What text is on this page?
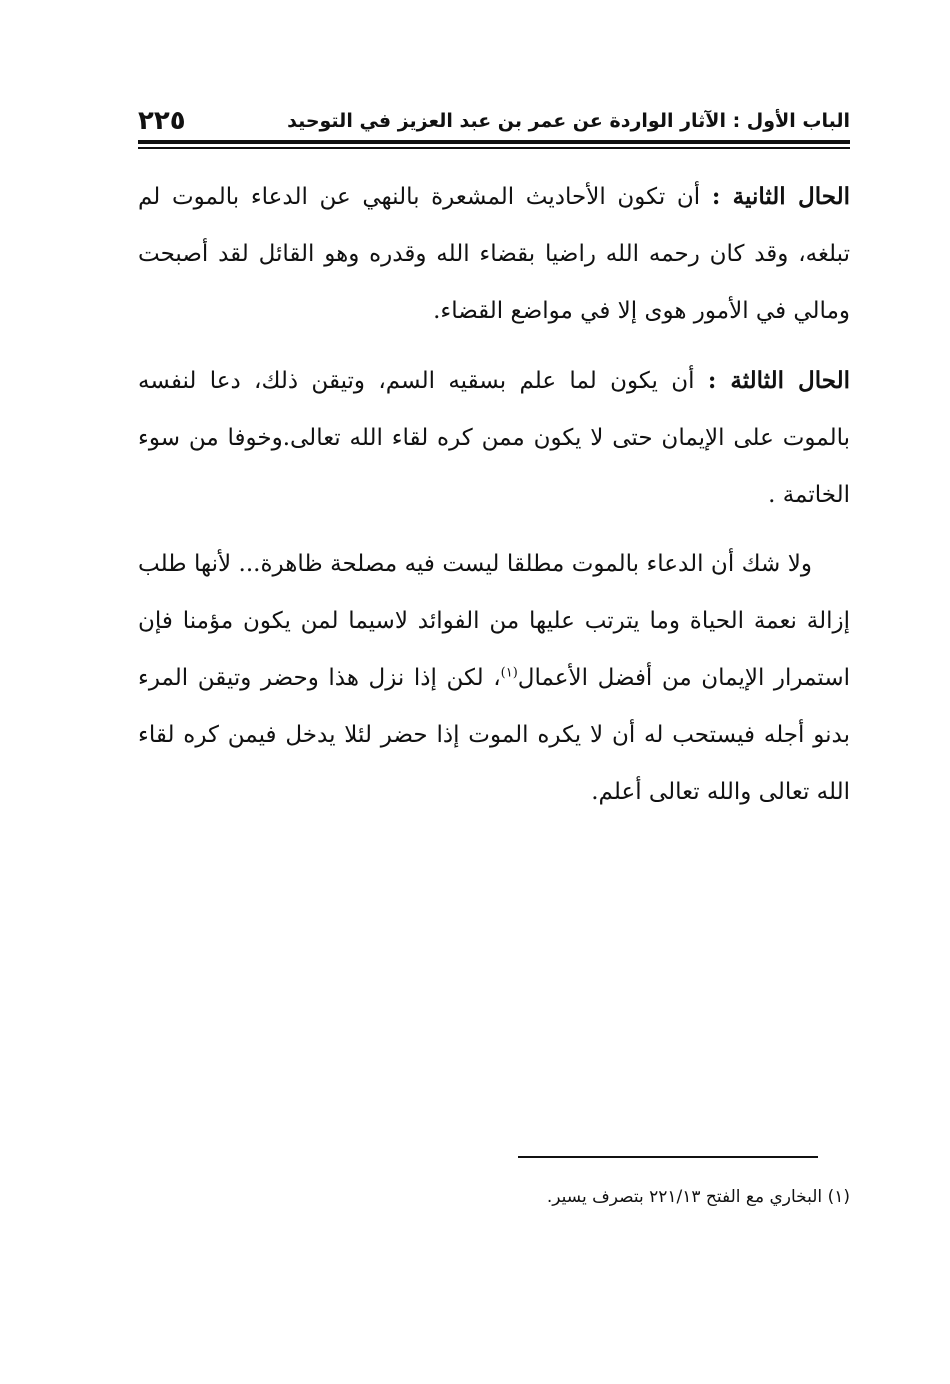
الباب الأول : الآثار الواردة عن عمر بن عبد العزيز في التوحيد
٢٢٥

الحال الثانية : أن تكون الأحاديث المشعرة بالنهي عن الدعاء بالموت لم تبلغه، وقد كان رحمه الله راضيا بقضاء الله وقدره وهو القائل لقد أصبحت ومالي في الأمور هوى إلا في مواضع القضاء.

الحال الثالثة : أن يكون لما علم بسقيه السم، وتيقن ذلك، دعا لنفسه بالموت على الإيمان حتى لا يكون ممن كره لقاء الله تعالى.وخوفا من سوء الخاتمة .

ولا شك أن الدعاء بالموت مطلقا ليست فيه مصلحة ظاهرة... لأنها طلب إزالة نعمة الحياة وما يترتب عليها من الفوائد لاسيما لمن يكون مؤمنا فإن استمرار الإيمان من أفضل الأعمال$^{(١)}$، لكن إذا نزل هذا وحضر وتيقن المرء بدنو أجله فيستحب له أن لا يكره الموت إذا حضر لئلا يدخل فيمن كره لقاء الله تعالى والله تعالى أعلم.

(١) البخاري مع الفتح ٢٢١/١٣ بتصرف يسير.
